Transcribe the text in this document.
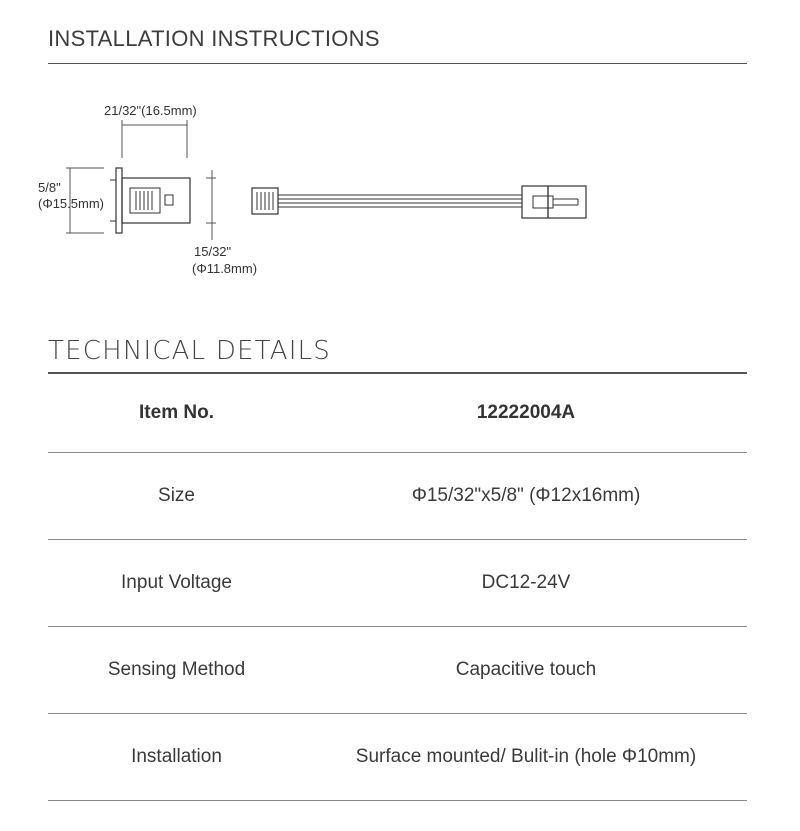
INSTALLATION INSTRUCTIONS
21/32"(16.5mm)
5/8"
(Φ15.5mm)
15/32"
(Φ11.8mm)
TECHNICAL DETAILS
Item No.	12222004A
Size	Φ15/32"x5/8" (Φ12x16mm)
Input Voltage	DC12-24V
Sensing Method	Capacitive touch
Installation	Surface mounted/ Bulit-in (hole Φ10mm)
